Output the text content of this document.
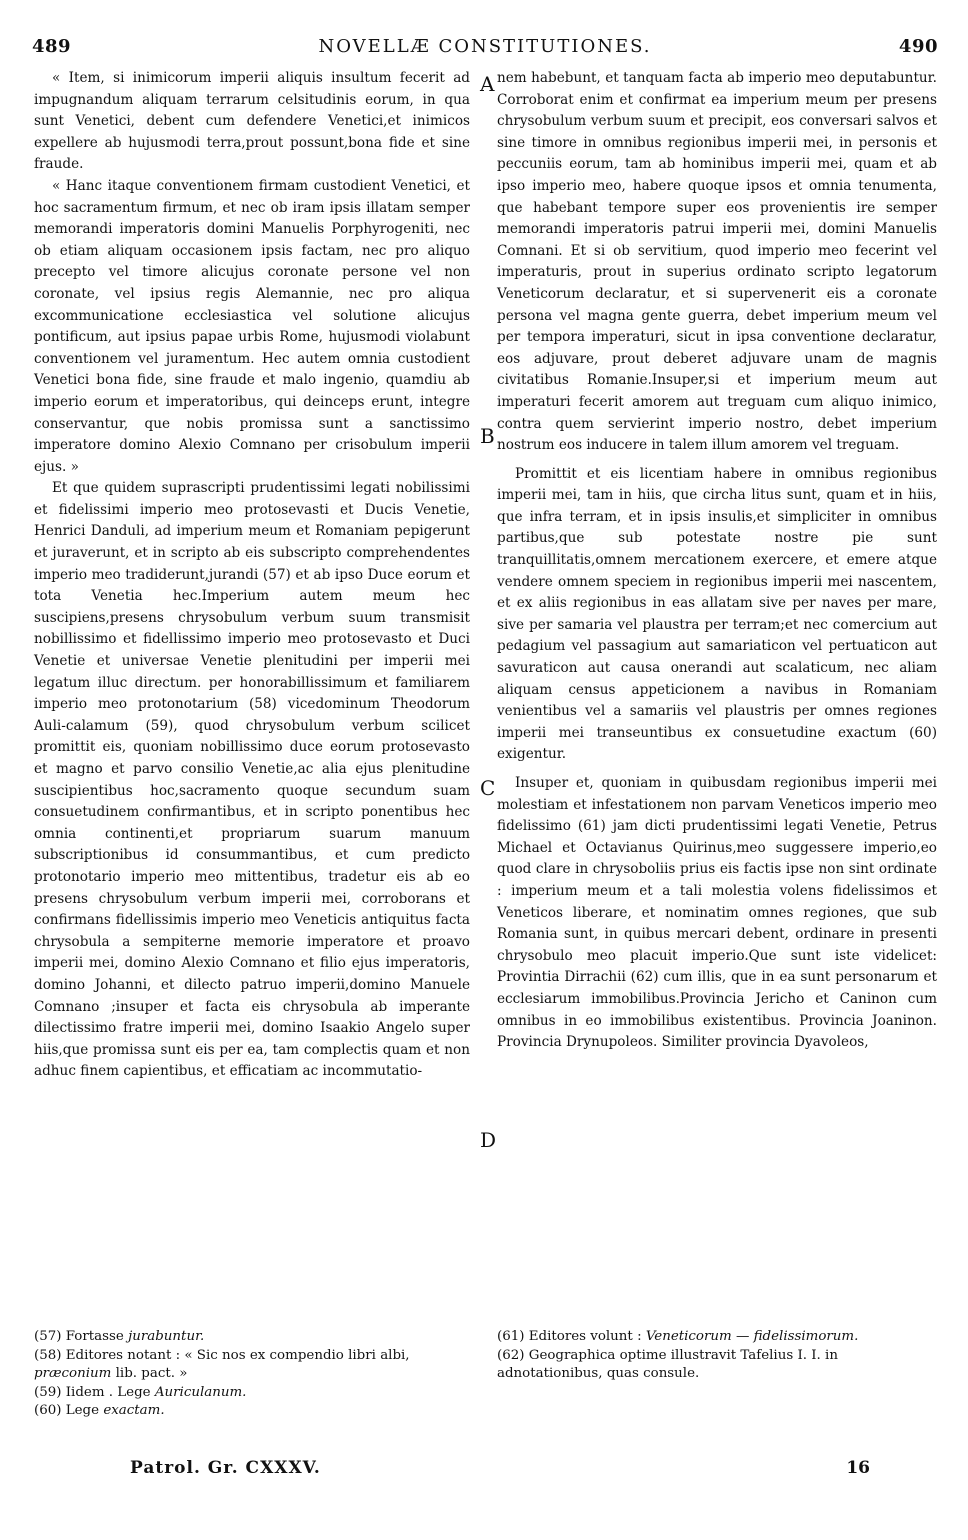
489	NOVELLÆ CONSTITUTIONES.	490
A
B
C
D

« Item, si inimicorum imperii aliquis insultum fecerit ad impugnandum aliquam terrarum celsitudinis eorum, in qua sunt Venetici, debent cum defendere Venetici,et inimicos expellere ab hujusmodi terra,prout possunt,bona fide et sine fraude.

« Hanc itaque conventionem firmam custodient Venetici, et hoc sacramentum firmum, et nec ob iram ipsis illatam semper memorandi imperatoris domini Manuelis Porphyrogeniti, nec ob etiam aliquam occasionem ipsis factam, nec pro aliquo precepto vel timore alicujus coronate persone vel non coronate, vel ipsius regis Alemannie, nec pro aliqua excommunicatione ecclesiastica vel solutione alicujus pontificum, aut ipsius papae urbis Rome, hujusmodi violabunt conventionem vel juramentum. Hec autem omnia custodient Venetici bona fide, sine fraude et malo ingenio, quamdiu ab imperio eorum et imperatoribus, qui deinceps erunt, integre conservantur, que nobis promissa sunt a sanctissimo imperatore domino Alexio Comnano per crisobulum imperii ejus. »

Et que quidem suprascripti prudentissimi legati nobilissimi et fidelissimi imperio meo protosevasti et Ducis Venetie, Henrici Danduli, ad imperium meum et Romaniam pepigerunt et juraverunt, et in scripto ab eis subscripto comprehendentes imperio meo tradiderunt,jurandi (57) et ab ipso Duce eorum et tota Venetia hec.Imperium autem meum hec suscipiens,presens chrysobulum verbum suum transmisit nobillissimo et fidellissimo imperio meo protosevasto et Duci Venetie et universae Venetie plenitudini per imperii mei legatum illuc directum. per honorabillissimum et familiarem imperio meo protonotarium (58) vicedominum Theodorum Auli-calamum (59), quod chrysobulum verbum scilicet promittit eis, quoniam nobillissimo duce eorum protosevasto et magno et parvo consilio Venetie,ac alia ejus plenitudine suscipientibus hoc,sacramento quoque secundum suam consuetudinem confirmantibus, et in scripto ponentibus hec omnia continenti,et propriarum suarum manuum subscriptionibus id consummantibus, et cum predicto protonotario imperio meo mittentibus, tradetur eis ab eo presens chrysobulum verbum imperii mei, corroborans et confirmans fidellissimis imperio meo Veneticis antiquitus facta chrysobula a sempiterne memorie imperatore et proavo imperii mei, domino Alexio Comnano et filio ejus imperatoris, domino Johanni, et dilecto patruo imperii,domino Manuele Comnano ;insuper et facta eis chrysobula ab imperante dilectissimo fratre imperii mei, domino Isaakio Angelo super hiis,que promissa sunt eis per ea, tam complectis quam et non adhuc finem capientibus, et efficatiam ac incommutatio-

nem habebunt, et tanquam facta ab imperio meo deputabuntur. Corroborat enim et confirmat ea imperium meum per presens chrysobulum verbum suum et precipit, eos conversari salvos et sine timore in omnibus regionibus imperii mei, in personis et peccuniis eorum, tam ab hominibus imperii mei, quam et ab ipso imperio meo, habere quoque ipsos et omnia tenumenta, que habebant tempore super eos provenientis ire semper memorandi imperatoris patrui imperii mei, domini Manuelis Comnani. Et si ob servitium, quod imperio meo fecerint vel imperaturis, prout in superius ordinato scripto legatorum Veneticorum declaratur, et si supervenerit eis a coronate persona vel magna gente guerra, debet imperium meum vel per tempora imperaturi, sicut in ipsa conventione declaratur, eos adjuvare, prout deberet adjuvare unam de magnis civitatibus Romanie.Insuper,si et imperium meum aut imperaturi fecerit amorem aut treguam cum aliquo inimico, contra quem servierint imperio nostro, debet imperium nostrum eos inducere in talem illum amorem vel treguam.

Promittit et eis licentiam habere in omnibus regionibus imperii mei, tam in hiis, que circha litus sunt, quam et in hiis, que infra terram, et in ipsis insulis,et simpliciter in omnibus partibus,que sub potestate nostre pie sunt tranquillitatis,omnem mercationem exercere, et emere atque vendere omnem speciem in regionibus imperii mei nascentem, et ex aliis regionibus in eas allatam sive per naves per mare, sive per samaria vel plaustra per terram;et nec comercium aut pedagium vel passagium aut samariaticon vel pertuaticon aut savuraticon aut causa onerandi aut scalaticum, nec aliam aliquam census appeticionem a navibus in Romaniam venientibus vel a samariis vel plaustris per omnes regiones imperii mei transeuntibus ex consuetudine exactum (60) exigentur.

Insuper et, quoniam in quibusdam regionibus imperii mei molestiam et infestationem non parvam Veneticos imperio meo fidelissimo (61) jam dicti prudentissimi legati Venetie, Petrus Michael et Octavianus Quirinus,meo suggessere imperio,eo quod clare in chrysoboliis prius eis factis ipse non sint ordinate : imperium meum et a tali molestia volens fidelissimos et Veneticos liberare, et nominatim omnes regiones, que sub Romania sunt, in quibus mercari debent, ordinare in presenti chrysobulo meo placuit imperio.Que sunt iste videlicet: Provintia Dirrachii (62) cum illis, que in ea sunt personarum et ecclesiarum immobilibus.Provincia Jericho et Caninon cum omnibus in eo immobilibus existentibus. Provincia Joaninon. Provincia Drynupoleos. Similiter provincia Dyavoleos,

(57) Fortasse jurabuntur.
(58) Editores notant : « Sic nos ex compendio libri albi, præconium lib. pact. »
(59) Iidem . Lege Auriculanum.
(60) Lege exactam.
(61) Editores volunt : Veneticorum — fidelissimorum.
(62) Geographica optime illustravit Tafelius I. I. in adnotationibus, quas consule.
Patrol. Gr. CXXXV.	16
